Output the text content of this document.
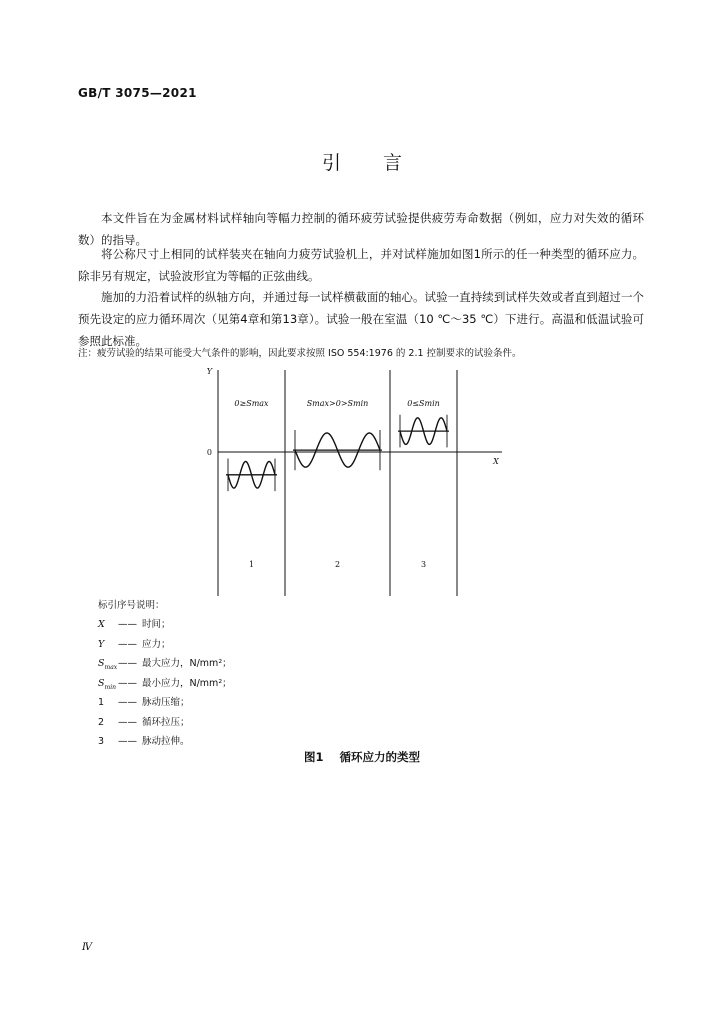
GB/T 3075—2021
引言
本文件旨在为金属材料试样轴向等幅力控制的循环疲劳试验提供疲劳寿命数据（例如，应力对失效的循环数）的指导。
将公称尺寸上相同的试样装夹在轴向力疲劳试验机上，并对试样施加如图1所示的任一种类型的循环应力。除非另有规定，试验波形宜为等幅的正弦曲线。
施加的力沿着试样的纵轴方向，并通过每一试样横截面的轴心。试验一直持续到试样失效或者直到超过一个预先设定的应力循环周次（见第4章和第13章）。试验一般在室温（10 ℃～35 ℃）下进行。高温和低温试验可参照此标准。
注：疲劳试验的结果可能受大气条件的影响，因此要求按照 ISO 554:1976 的 2.1 控制要求的试验条件。
Y
X
0
0≥Smax
1
Smax>0>Smin
2
0≤Smin
3
标引序号说明：
X —— 时间；
Y —— 应力；
$S_{max}——$ 最大应力，N/mm²；
$S_{min}$ —— 最小应力，N/mm²；
1 —— 脉动压缩；
2 —— 循环拉压；
3 —— 脉动拉伸。
图1 循环应力的类型
Ⅳ
